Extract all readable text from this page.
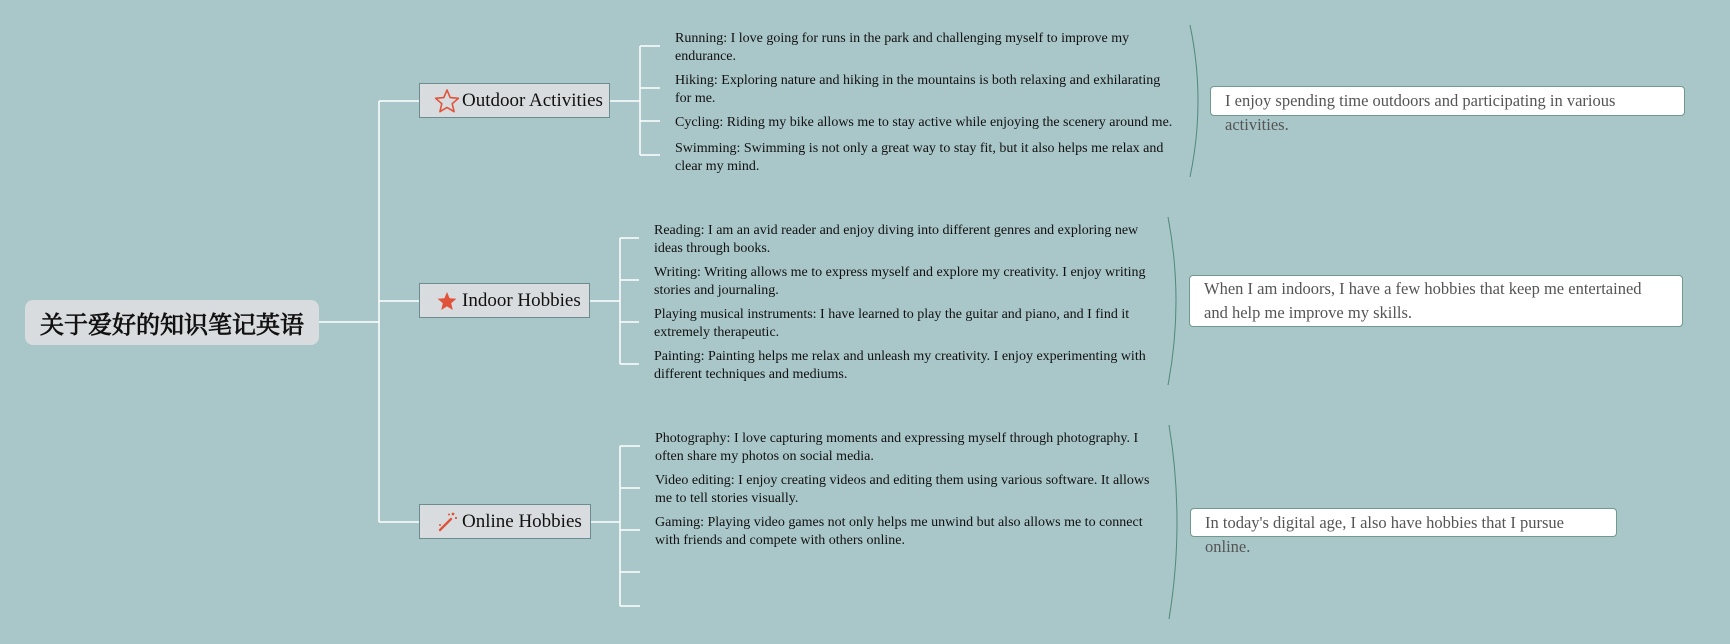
关于爱好的知识笔记英语
Outdoor Activities
Indoor Hobbies
Online Hobbies
Running: I love going for runs in the park and challenging myself to improve my endurance.
Hiking: Exploring nature and hiking in the mountains is both relaxing and exhilarating for me.
Cycling: Riding my bike allows me to stay active while enjoying the scenery around me.
Swimming: Swimming is not only a great way to stay fit, but it also helps me relax and clear my mind.
Reading: I am an avid reader and enjoy diving into different genres and exploring new ideas through books.
Writing: Writing allows me to express myself and explore my creativity. I enjoy writing stories and journaling.
Playing musical instruments: I have learned to play the guitar and piano, and I find it extremely therapeutic.
Painting: Painting helps me relax and unleash my creativity. I enjoy experimenting with different techniques and mediums.
Photography: I love capturing moments and expressing myself through photography. I often share my photos on social media.
Video editing: I enjoy creating videos and editing them using various software. It allows me to tell stories visually.
Gaming: Playing video games not only helps me unwind but also allows me to connect with friends and compete with others online.
I enjoy spending time outdoors and participating in various activities.
When I am indoors, I have a few hobbies that keep me entertained and help me improve my skills.
In today's digital age, I also have hobbies that I pursue online.
